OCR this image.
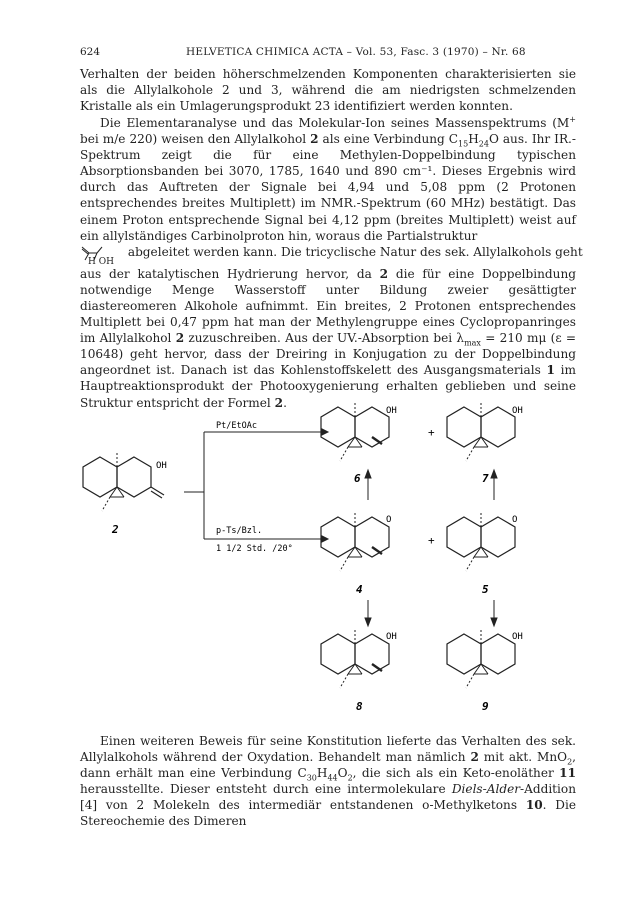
624	HELVETICA CHIMICA ACTA – Vol. 53, Fasc. 3 (1970) – Nr. 68

Verhalten der beiden höherschmelzenden Komponenten charakterisierten sie als die Allylalkohole 2 und 3, während die am niedrigsten schmelzenden Kristalle als ein Umlagerungsprodukt 23 identifiziert werden konnten.

Die Elementaranalyse und das Molekular-Ion seines Massenspektrums (M+ bei m/e 220) weisen den Allylalkohol 2 als eine Verbindung $C_{15}H_{24}O$ aus. Ihr IR.-Spektrum zeigt die für eine Methylen-Doppelbindung typischen Absorptionsbanden bei 3070, 1785, 1640 und 890 cm⁻¹. Dieses Ergebnis wird durch das Auftreten der Signale bei 4,94 und 5,08 ppm (2 Protonen entsprechendes breites Multiplett) im NMR.-Spektrum (60 MHz) bestätigt. Das einem Proton entsprechende Signal bei 4,12 ppm (breites Multiplett) weist auf ein allylständiges Carbinolproton hin, woraus die Partialstruktur

abgeleitet werden kann. Die tricyclische Natur des sek. Allylalkohols geht

H OH

aus der katalytischen Hydrierung hervor, da 2 die für eine Doppelbindung notwendige Menge Wasserstoff unter Bildung zweier gesättigter diastereomeren Alkohole aufnimmt. Ein breites, 2 Protonen entsprechendes Multiplett bei 0,47 ppm hat man der Methylengruppe eines Cyclopropanringes im Allylalkohol 2 zuzuschreiben. Aus der UV.-Absorption bei $\lambda_{max} = 210$ mμ (ε = 10648) geht hervor, dass der Dreiring in Konjugation zu der Doppelbindung angeordnet ist. Danach ist das Kohlenstoffskelett des Ausgangsmaterials 1 im Hauptreaktionsprodukt der Photooxygenierung erhalten geblieben und seine Struktur entspricht der Formel 2.

OH
2
Pt/EtOAc
p-Ts/Bzl.
1 1/2 Std. /20°
OH
6
OH
7
+
O
4
O
5
+
OH
8
OH
9

Einen weiteren Beweis für seine Konstitution lieferte das Verhalten des sek. Allylalkohols während der Oxydation. Behandelt man nämlich 2 mit akt. MnO$_2$, dann erhält man eine Verbindung $C_{30}H_{44}O_2$, die sich als ein Keto-enoläther 11 herausstellte. Dieser entsteht durch eine intermolekulare Diels-Alder-Addition [4] von 2 Molekeln des intermediär entstandenen o-Methylketons 10. Die Stereochemie des Dimeren
